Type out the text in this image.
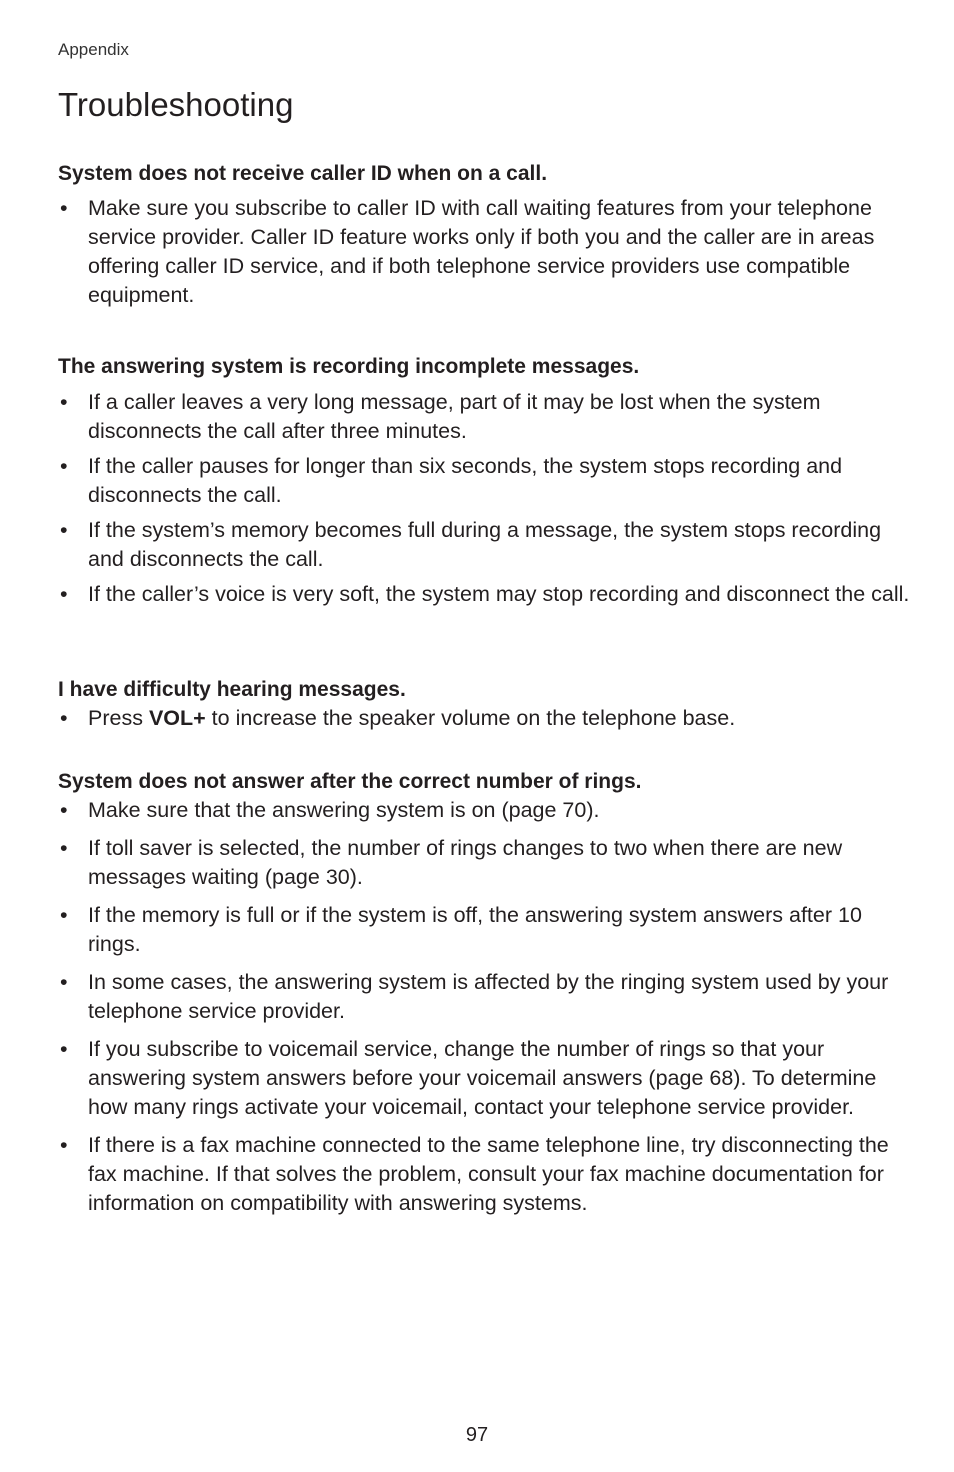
Appendix
Troubleshooting
System does not receive caller ID when on a call.
• Make sure you subscribe to caller ID with call waiting features from your telephone service provider. Caller ID feature works only if both you and the caller are in areas offering caller ID service, and if both telephone service providers use compatible equipment.
The answering system is recording incomplete messages.
• If a caller leaves a very long message, part of it may be lost when the system disconnects the call after three minutes.
• If the caller pauses for longer than six seconds, the system stops recording and disconnects the call.
• If the system’s memory becomes full during a message, the system stops recording and disconnects the call.
• If the caller’s voice is very soft, the system may stop recording and disconnect the call.
I have difficulty hearing messages.
• Press VOL+ to increase the speaker volume on the telephone base.
System does not answer after the correct number of rings.
• Make sure that the answering system is on (page 70).
• If toll saver is selected, the number of rings changes to two when there are new messages waiting (page 30).
• If the memory is full or if the system is off, the answering system answers after 10 rings.
• In some cases, the answering system is affected by the ringing system used by your telephone service provider.
• If you subscribe to voicemail service, change the number of rings so that your answering system answers before your voicemail answers (page 68). To determine how many rings activate your voicemail, contact your telephone service provider.
• If there is a fax machine connected to the same telephone line, try disconnecting the fax machine. If that solves the problem, consult your fax machine documentation for information on compatibility with answering systems.
97
